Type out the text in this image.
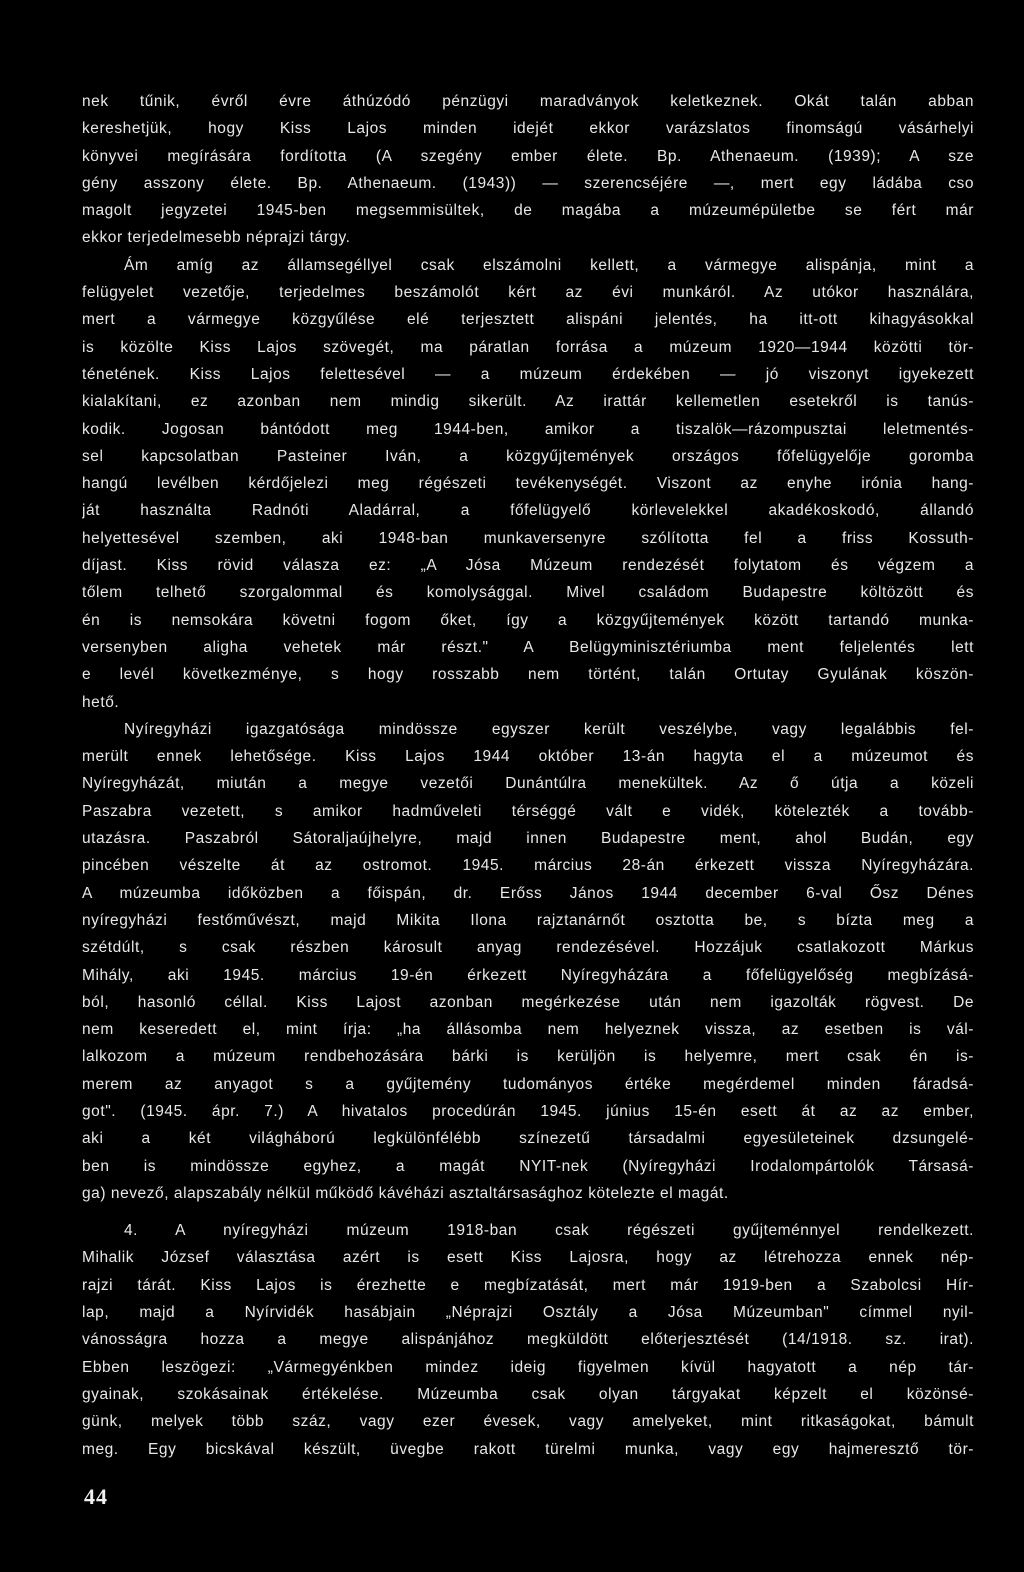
nek tűnik, évről évre áthúzódó pénzügyi maradványok keletkeznek. Okát talán abban
kereshetjük, hogy Kiss Lajos minden idejét ekkor varázslatos finomságú vásárhelyi
könyvei megírására fordította (A szegény ember élete. Bp. Athenaeum. (1939); A sze
gény asszony élete. Bp. Athenaeum. (1943)) — szerencséjére —, mert egy ládába cso
magolt jegyzetei 1945-ben megsemmisültek, de magába a múzeumépületbe se fért már
ekkor terjedelmesebb néprajzi tárgy.
Ám amíg az államsegéllyel csak elszámolni kellett, a vármegye alispánja, mint a
felügyelet vezetője, terjedelmes beszámolót kért az évi munkáról. Az utókor használára,
mert a vármegye közgyűlése elé terjesztett alispáni jelentés, ha itt-ott kihagyásokkal
is közölte Kiss Lajos szövegét, ma páratlan forrása a múzeum 1920—1944 közötti tör-
ténetének. Kiss Lajos felettesével — a múzeum érdekében — jó viszonyt igyekezett
kialakítani, ez azonban nem mindig sikerült. Az irattár kellemetlen esetekről is tanús-
kodik. Jogosan bántódott meg 1944-ben, amikor a tiszalök—rázompusztai leletmentés-
sel kapcsolatban Pasteiner Iván, a közgyűjtemények országos főfelügyelője goromba
hangú levélben kérdőjelezi meg régészeti tevékenységét. Viszont az enyhe irónia hang-
ját használta Radnóti Aladárral, a főfelügyelő körlevelekkel akadékoskodó, állandó
helyettesével szemben, aki 1948-ban munkaversenyre szólította fel a friss Kossuth-
díjast. Kiss rövid válasza ez: „A Jósa Múzeum rendezését folytatom és végzem a
tőlem telhető szorgalommal és komolysággal. Mivel családom Budapestre költözött és
én is nemsokára követni fogom őket, így a közgyűjtemények között tartandó munka-
versenyben aligha vehetek már részt." A Belügyminisztériumba ment feljelentés lett
e levél következménye, s hogy rosszabb nem történt, talán Ortutay Gyulának köszön-
hető.
Nyíregyházi igazgatósága mindössze egyszer került veszélybe, vagy legalábbis fel-
merült ennek lehetősége. Kiss Lajos 1944 október 13-án hagyta el a múzeumot és
Nyíregyházát, miután a megye vezetői Dunántúlra menekültek. Az ő útja a közeli
Paszabra vezetett, s amikor hadműveleti térséggé vált e vidék, kötelezték a tovább-
utazásra. Paszabról Sátoraljaújhelyre, majd innen Budapestre ment, ahol Budán, egy
pincében vészelte át az ostromot. 1945. március 28-án érkezett vissza Nyíregyházára.
A múzeumba időközben a főispán, dr. Erőss János 1944 december 6-val Ősz Dénes
nyíregyházi festőművészt, majd Mikita Ilona rajztanárnőt osztotta be, s bízta meg a
szétdúlt, s csak részben károsult anyag rendezésével. Hozzájuk csatlakozott Márkus
Mihály, aki 1945. március 19-én érkezett Nyíregyházára a főfelügyelőség megbízásá-
ból, hasonló céllal. Kiss Lajost azonban megérkezése után nem igazolták rögvest. De
nem keseredett el, mint írja: „ha állásomba nem helyeznek vissza, az esetben is vál-
lalkozom a múzeum rendbehozására bárki is kerüljön is helyemre, mert csak én is-
merem az anyagot s a gyűjtemény tudományos értéke megérdemel minden fáradsá-
got". (1945. ápr. 7.) A hivatalos procedúrán 1945. június 15-én esett át az az ember,
aki a két világháború legkülönfélébb színezetű társadalmi egyesületeinek dzsungelé-
ben is mindössze egyhez, a magát NYIT-nek (Nyíregyházi Irodalompártolók Társasá-
ga) nevező, alapszabály nélkül működő kávéházi asztaltársasághoz kötelezte el magát.
4. A nyíregyházi múzeum 1918-ban csak régészeti gyűjteménnyel rendelkezett.
Mihalik József választása azért is esett Kiss Lajosra, hogy az létrehozza ennek nép-
rajzi tárát. Kiss Lajos is érezhette e megbízatását, mert már 1919-ben a Szabolcsi Hír-
lap, majd a Nyírvidék hasábjain „Néprajzi Osztály a Jósa Múzeumban" címmel nyil-
vánosságra hozza a megye alispánjához megküldött előterjesztését (14/1918. sz. irat).
Ebben leszögezi: „Vármegyénkben mindez ideig figyelmen kívül hagyatott a nép tár-
gyainak, szokásainak értékelése. Múzeumba csak olyan tárgyakat képzelt el közönsé-
günk, melyek több száz, vagy ezer évesek, vagy amelyeket, mint ritkaságokat, bámult
meg. Egy bicskával készült, üvegbe rakott türelmi munka, vagy egy hajmeresztő tör-
44
